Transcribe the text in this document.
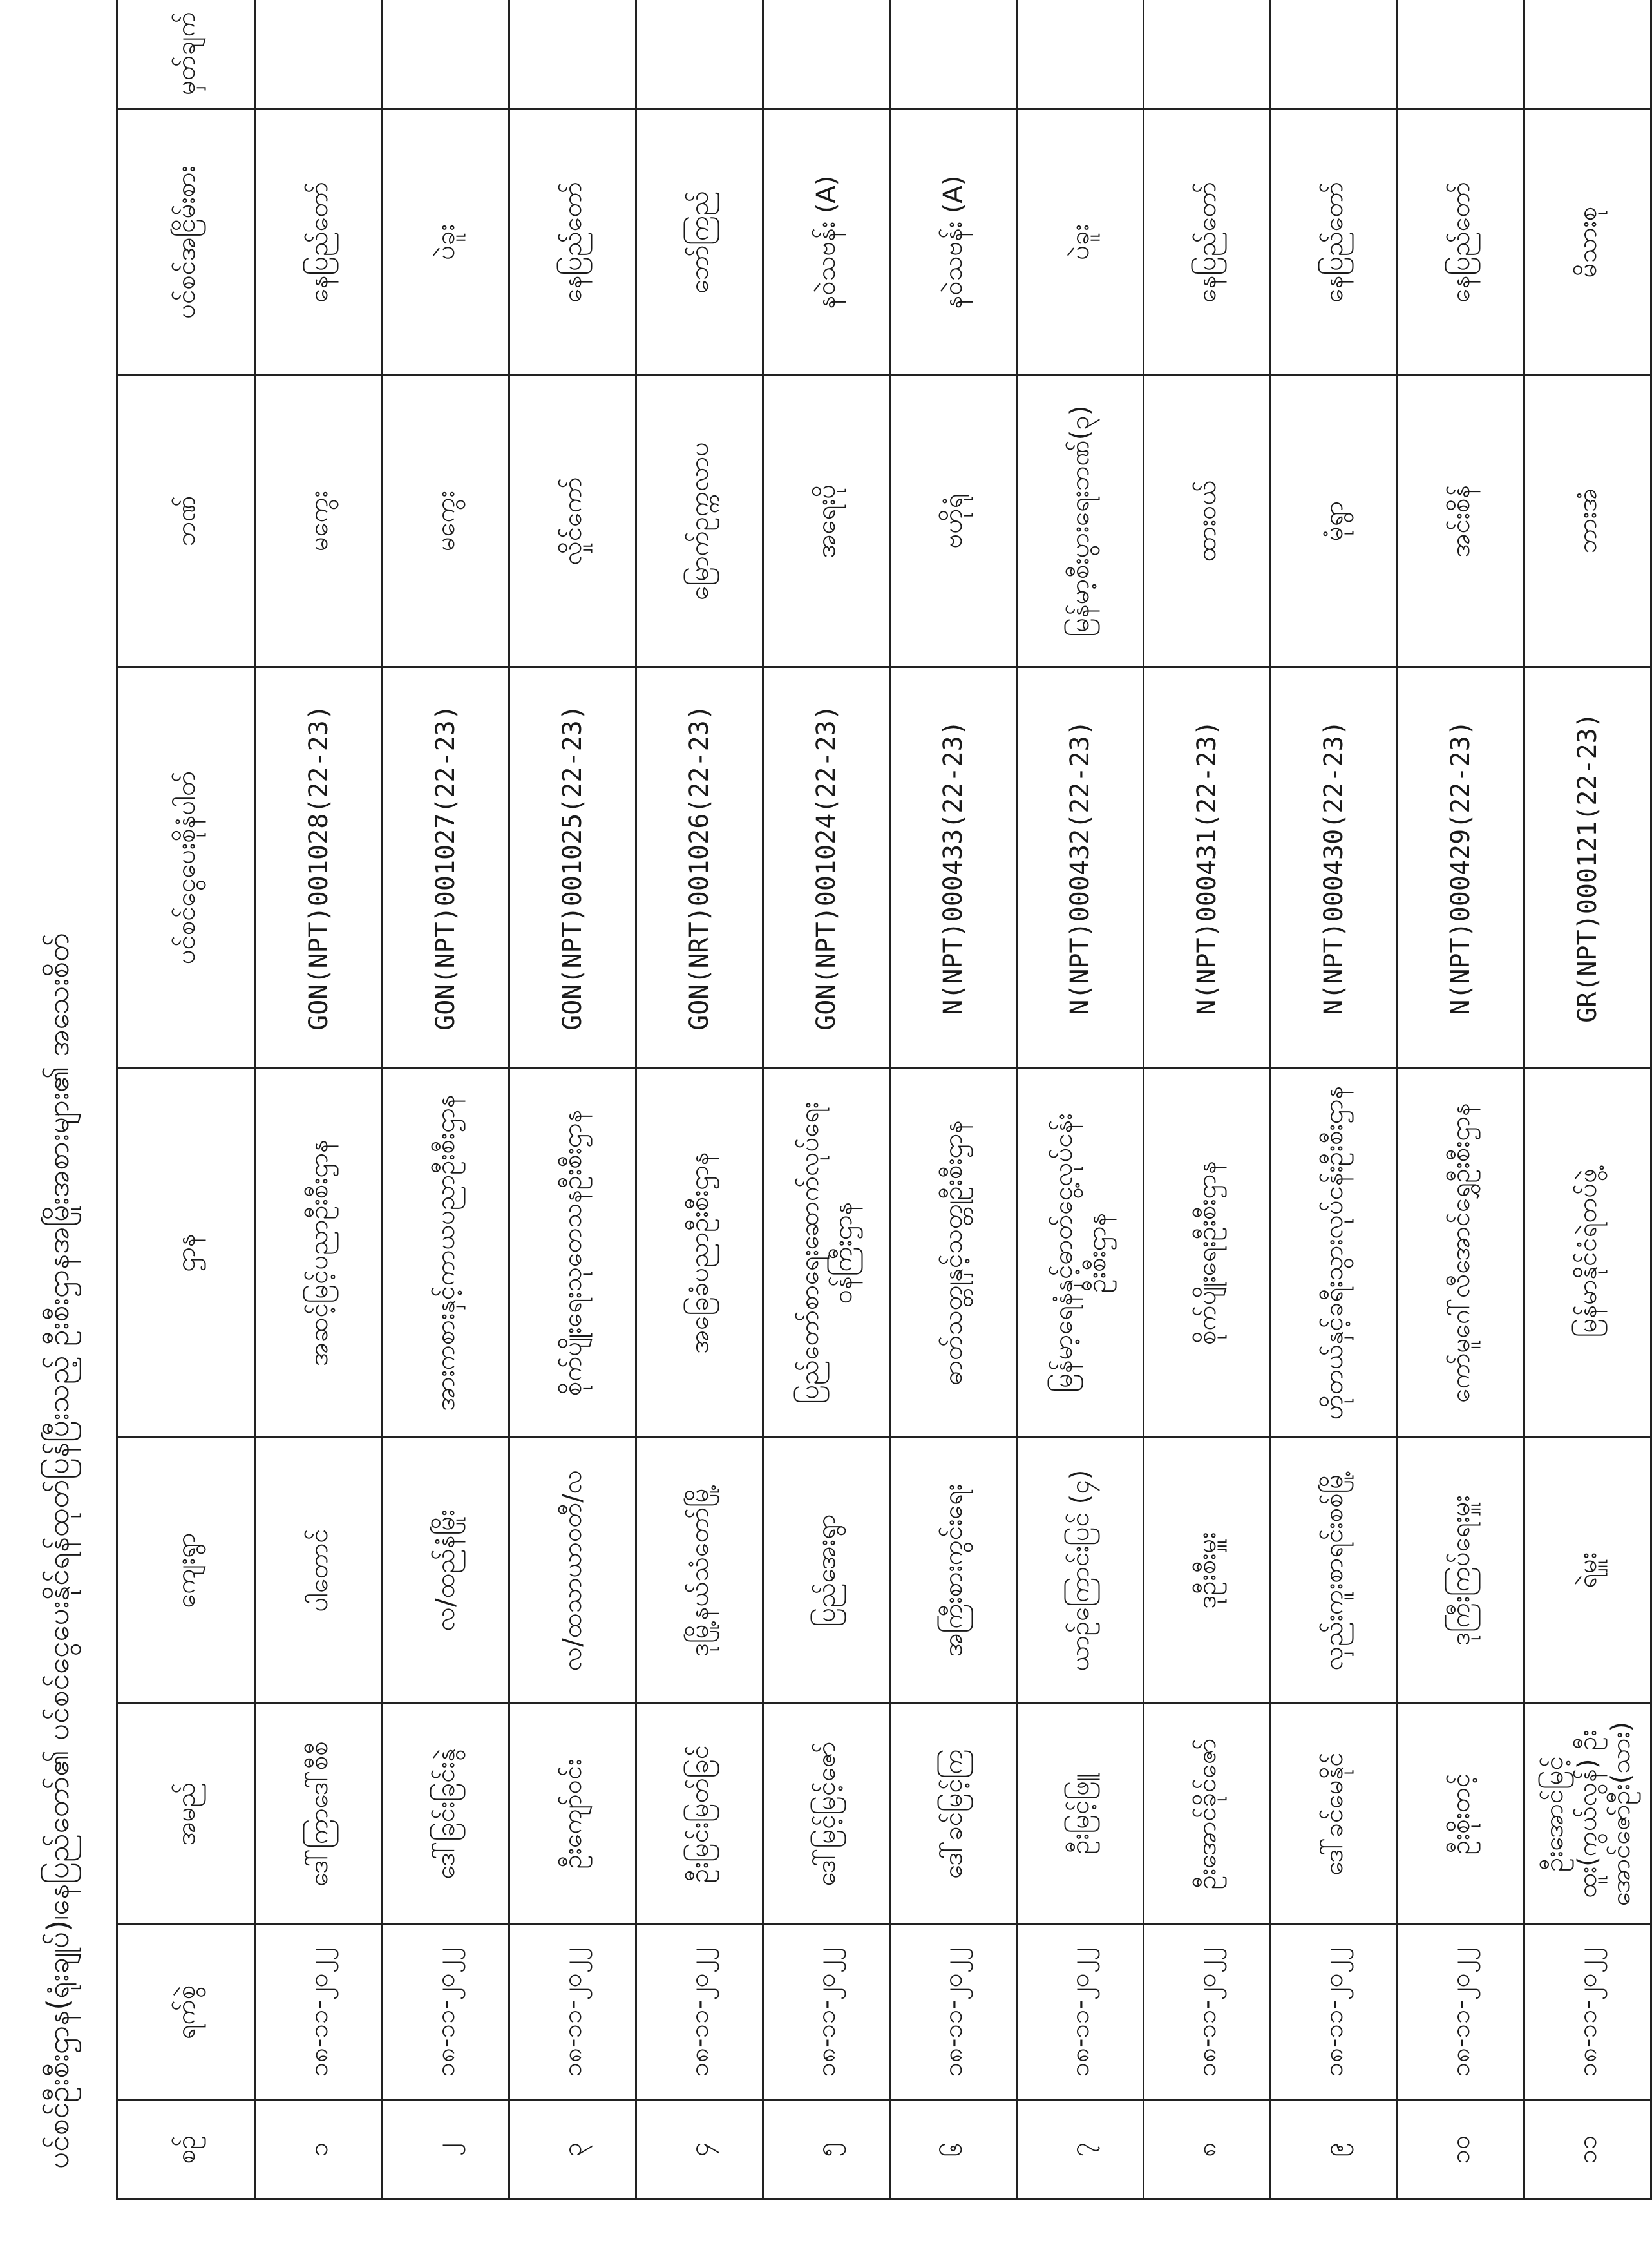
ပင်စင်ဦးစီးဌာန(ရုံးချုပ်)၊နေပြည်တော်၏ ပင်စင်ငွေပေးနိုင်ရန်ထုတ်ပြန်ပြီးသည့် ဦးစီးဌာနအမြိုးအစားများ၏ အသေးစိတ်	စဉ်	ရက်စွဲ	အမည်	ကျေးရွာ	ဌာန	ပင်စင်ငွေပေးစိုနံပါတ်	ဘဏ်	ပင်စင်အငြိမ်းစား	မှတ်ချက်
၁	၁၈-၁၁-၂၀၂၂	ဒေါ်ကြာဒေါ်စီစီ	ပါတောင်	အဆင့်မြင့်ပညာဦးစီးဌာန	GON(NPT)001028(22-23)	မကွေး	နေပြည်တော်	
၂	၁၈-၁၁-၂၀၂၂	ဒေါ်ခြင်းခြင်းနွဲ	လ/ထည်နံမြိုး	အားကစားနှင့်ကာယပညာဦးစီးဌာန	GON(NPT)001027(22-23)	မကွေး	ပဲခူး	
၃	၁၈-၁၁-၂၀၂၂	ဦးကျော်ဝင်း	လ/ထသာယာဝတီ/လ	စိုက်ပျိုးရေးသုတေသနဦးစီးဌာန	GON(NPT)001025(22-23)	လှိုင်ကော်	နေပြည်တော်	
၄	၁၈-၁၁-၂၀၂၂	ဦးမြင်းမြတ်ခြင်	ဒုမြို့နယ်သံတော်မြို့	အခြေခံပညာဦးစီးဌာန	GON(NRT)001026(22-23)	မြောက်ဥက္ကလာပ	ဘော်ကြည်	
၅	၁၈-၁၁-၂၀၂၂	ဒေါ်မြင့်မြင့်ဇော်	ပြည်အေးရွာ	ပြည်တော်စာရေးဆောက်လုပ်ရေးဝန်ကြီးဌာန	GON(NPT)001024(22-23)	အရေးပို	နဝဲသဗန်း (A)	
၆	၁၈-၁၁-၂၀၂၂	ဒေါ်ခင်မြင့်ကြ	အကြီးစားကွင်းရေး	ဓာတ်သတ္တုနှင့်သတ္တုဦးစီးဌာန	N(NPT)000433(22-23)	ဗဟိုရုံ	နဝဲသဗန်း (A)	
၇	၁၈-၁၁-၂၀၂၂	ဦးမြင့်ဖြူ	ယာဉ်ကြောင်းပြင် (၄)	မြန်မာ့ရေနံနှင့်ဓာတ်ငွေ့လုပ်ငန်း ဦးစီးဌာန	N(NPT)000432(22-23)	မြန်မာ့စီးပွားရေးဘဏ်(၃)	ပဲခူး	
၈	၁၈-၁၁-၂၀၂၂	ဦးအောင်ခိုင်ဇော်	ဒုဦးစီးမှူး	စိုက်ပျိုးရေးဦးစီးဌာန	N(NPT)000431(22-23)	ထားဝယ်	နေပြည်တော်	
၉	၁၈-၁၁-၂၀၂၂	ဒေါ်ခင်မေနိုင်	လှည်းကူးစာရင်းစစ်မြို့	ဟိုတယ်နှင့်ခရီးသွားလုပ်ငန်းဦးစီးဌာန	N(NPT)000430(22-23)	မုံရွာ	နေပြည်တော်	
၁၀	၁၈-၁၁-၂၀၂၂	ဦးစိုးတင့်	ဒုကြီးကြပ်ရေးမှူး	ကော်မူဂေါ်လီအောင်ရွှေဦးစီးဌာန	N(NPT)000429(22-23)	အင်းစိန်	နေပြည်တော်	
၁၁	၁၈-၁၁-၂၀၂၂	ဦးအောင်မြင့်ထူး(ကွယ်လွန်) ဦးအောင်ဇော်ဦး(သား)	ရဲမှူး	မြန်မာနိုင်ငံရဲတပ်ဖွဲ့	GR(NPT)000121(22-23)	ဘားအံ	မိသားစု	
